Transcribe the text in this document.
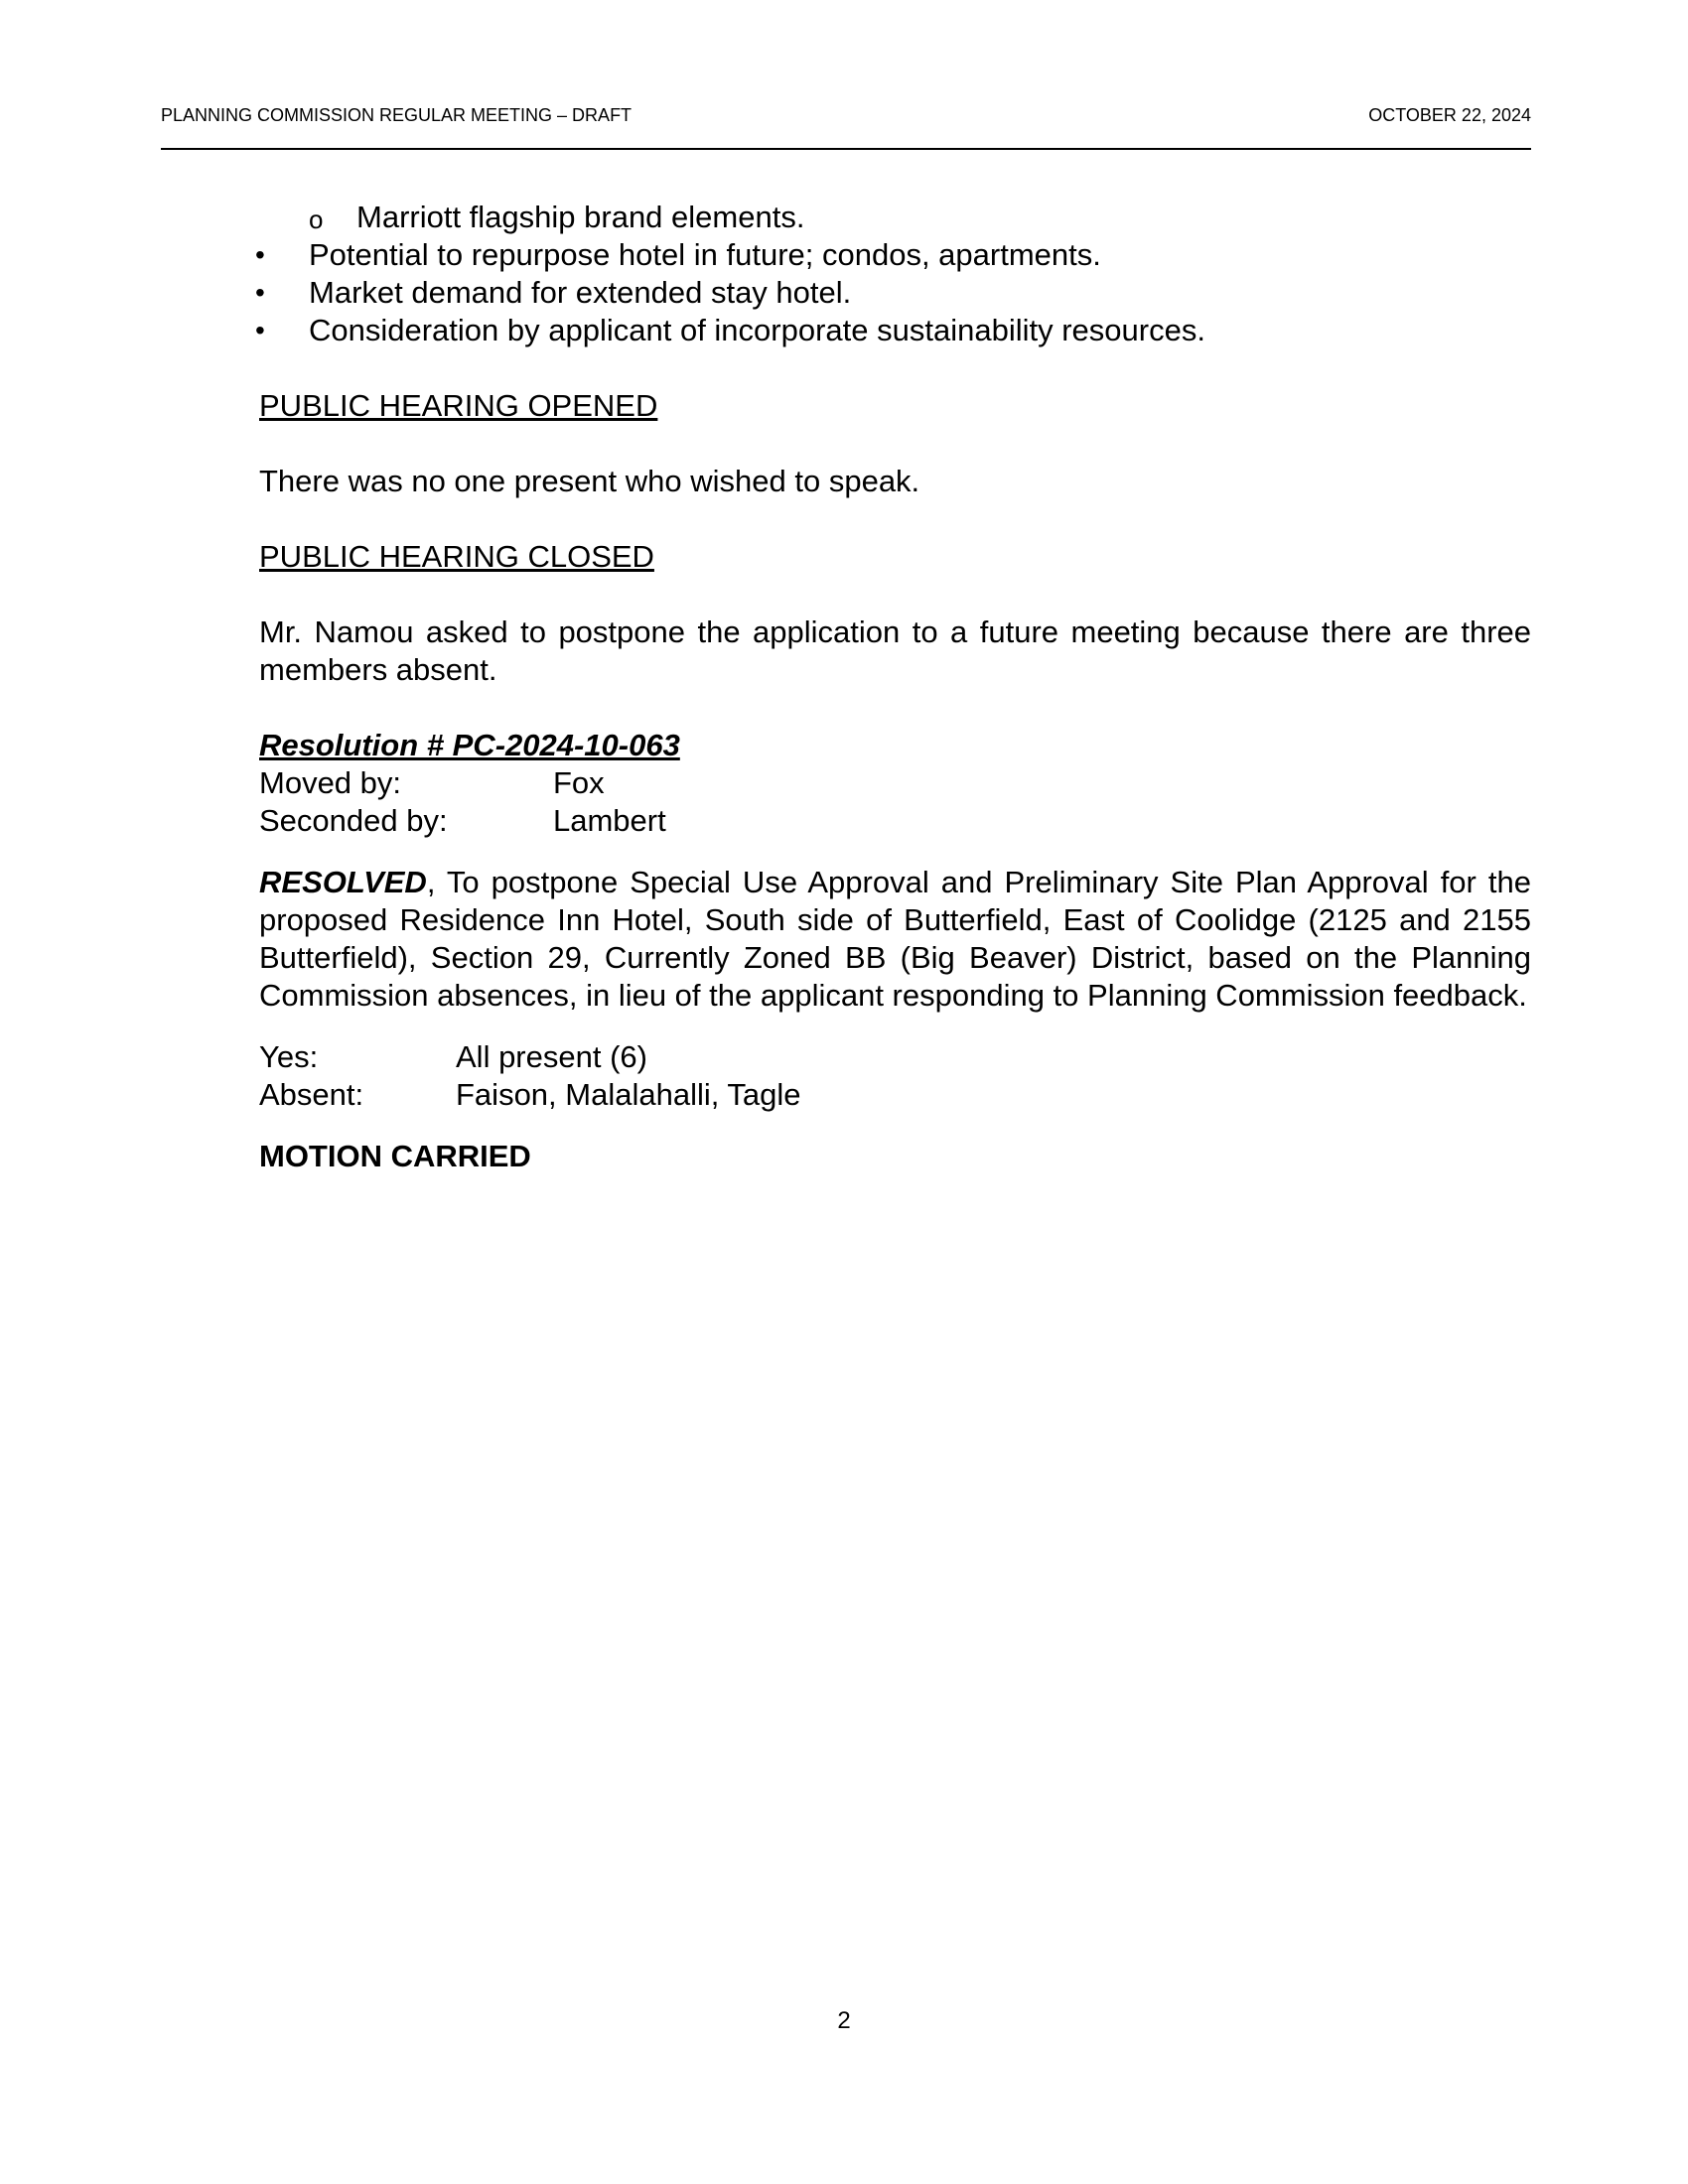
PLANNING COMMISSION REGULAR MEETING – DRAFT	OCTOBER 22, 2024
o Marriott flagship brand elements.
• Potential to repurpose hotel in future; condos, apartments.
• Market demand for extended stay hotel.
• Consideration by applicant of incorporate sustainability resources.
PUBLIC HEARING OPENED
There was no one present who wished to speak.
PUBLIC HEARING CLOSED
Mr. Namou asked to postpone the application to a future meeting because there are three members absent.
Resolution # PC-2024-10-063
Moved by:	Fox
Seconded by:	Lambert
RESOLVED, To postpone Special Use Approval and Preliminary Site Plan Approval for the proposed Residence Inn Hotel, South side of Butterfield, East of Coolidge (2125 and 2155 Butterfield), Section 29, Currently Zoned BB (Big Beaver) District, based on the Planning Commission absences, in lieu of the applicant responding to Planning Commission feedback.
Yes:	All present (6)
Absent:	Faison, Malalahalli, Tagle
MOTION CARRIED
2
